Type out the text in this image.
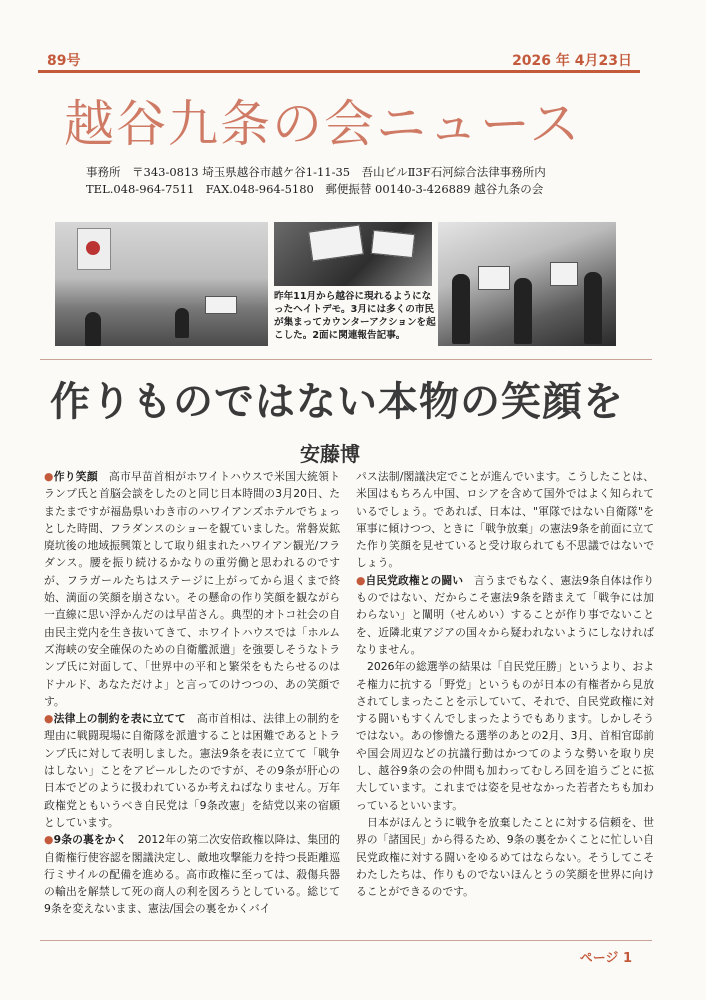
89号	2026 年 4月23日
越谷九条の会ニュース
事務所　〒343-0813 埼玉県越谷市越ケ谷1-11-35　吾山ビルⅡ3F石河綜合法律事務所内
TEL.048-964-7511　FAX.048-964-5180　郵便振替 00140-3-426889 越谷九条の会
昨年11月から越谷に現れるようになったヘイトデモ。3月には多くの市民が集まってカウンターアクションを起こした。2面に関連報告記事。
作りものではない本物の笑顔を
安藤博

● 作り笑顔　高市早苗首相がホワイトハウスで米国大統領トランプ氏と首脳会談をしたのと同じ日本時間の3月20日、たまたまですが福島県いわき市のハワイアンズホテルでちょっとした時間、フラダンスのショーを観ていました。常磐炭鉱廃坑後の地域振興策として取り組まれたハワイアン観光/フラダンス。腰を振り続けるかなりの重労働と思われるのですが、フラガールたちはステージに上がってから退くまで終始、満面の笑顔を崩さない。その懸命の作り笑顔を観ながら一直線に思い浮かんだのは早苗さん。典型的オトコ社会の自由民主党内を生き抜いてきて、ホワイトハウスでは「ホルムズ海峡の安全確保のための自衛艦派遣」を強要しそうなトランプ氏に対面して、「世界中の平和と繁栄をもたらせるのはドナルド、あなただけよ」と言ってのけつつの、あの笑顔です。

● 法律上の制約を表に立てて　高市首相は、法律上の制約を理由に戦闘現場に自衛隊を派遣することは困難であるとトランプ氏に対して表明しました。憲法9条を表に立てて「戦争はしない」ことをアピールしたのですが、その9条が肝心の日本でどのように扱われているか考えねばなりません。万年政権党ともいうべき自民党は「9条改憲」を結党以来の宿願としています。

● 9条の裏をかく　2012年の第二次安倍政権以降は、集団的自衛権行使容認を閣議決定し、敵地攻撃能力を持つ長距離巡行ミサイルの配備を進める。高市政権に至っては、殺傷兵器の輸出を解禁して死の商人の利を図ろうとしている。総じて9条を変えないまま、憲法/国会の裏をかくバイ

パス法制/閣議決定でことが進んでいます。こうしたことは、米国はもちろん中国、ロシアを含めて国外ではよく知られているでしょう。であれば、日本は、"軍隊ではない自衛隊"を軍事に傾けつつ、ときに「戦争放棄」の憲法9条を前面に立てた作り笑顔を見せていると受け取られても不思議ではないでしょう。

● 自民党政権との闘い　言うまでもなく、憲法9条自体は作りものではない、だからこそ憲法9条を踏まえて「戦争には加わらない」と闡明（せんめい）することが作り事でないことを、近隣北東アジアの国々から疑われないようにしなければなりません。

2026年の総選挙の結果は「自民党圧勝」というより、およそ権力に抗する「野党」というものが日本の有権者から見放されてしまったことを示していて、それで、自民党政権に対する闘いもすくんでしまったようでもあります。しかしそうではない。あの惨憺たる選挙のあとの2月、3月、首相官邸前や国会周辺などの抗議行動はかつてのような勢いを取り戻し、越谷9条の会の仲間も加わってむしろ回を追うごとに拡大しています。これまでは姿を見せなかった若者たちも加わっているといいます。

日本がほんとうに戦争を放棄したことに対する信頼を、世界の「諸国民」から得るため、9条の裏をかくことに忙しい自民党政権に対する闘いをゆるめてはならない。そうしてこそわたしたちは、作りものでないほんとうの笑顔を世界に向けることができるのです。

ページ 1
